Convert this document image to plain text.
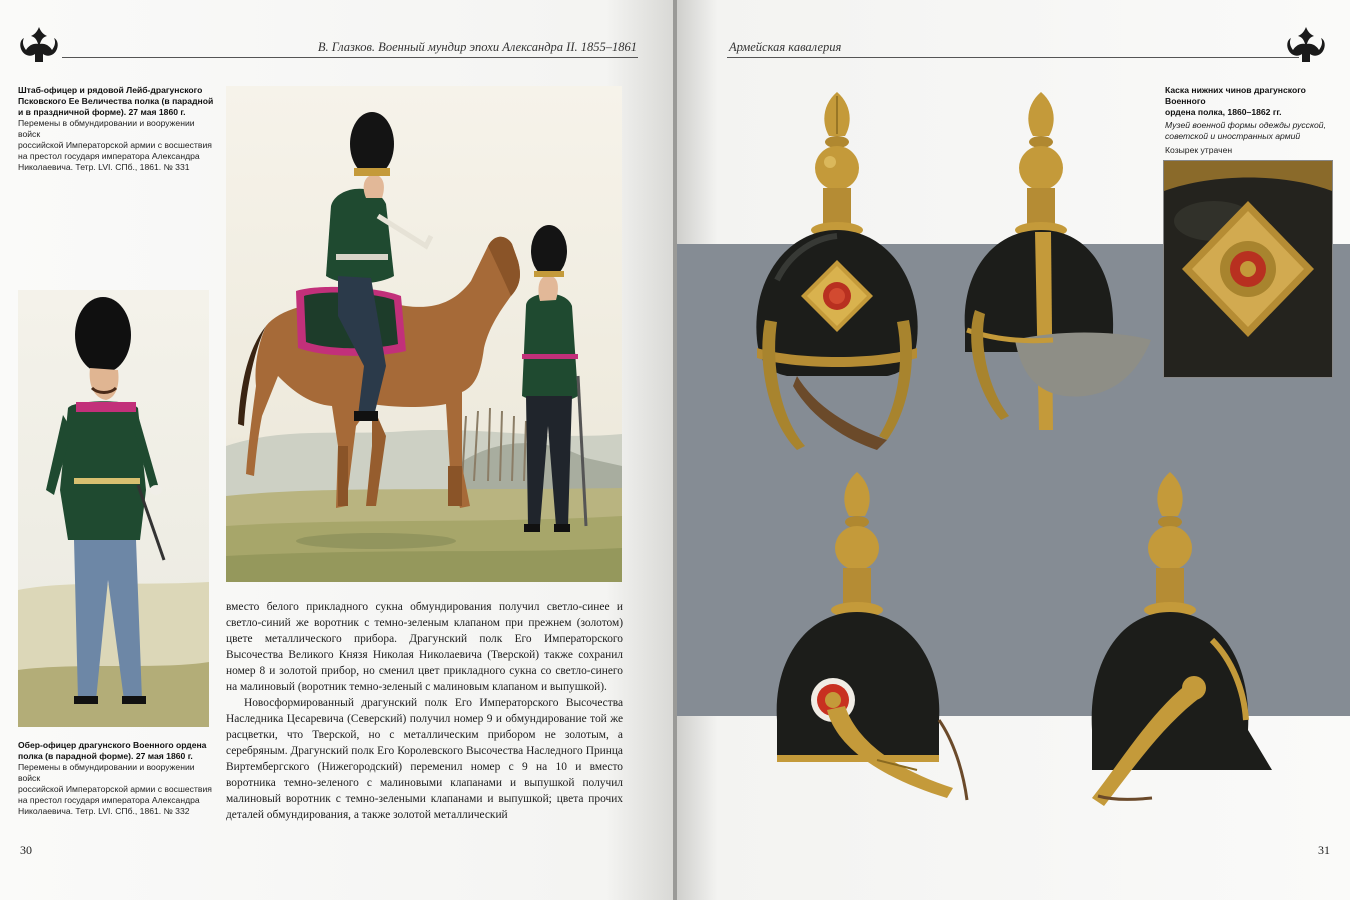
В. Глазков. Военный мундир эпохи Александра II. 1855–1861
Штаб-офицер и рядовой Лейб-драгунского
Псковского Ее Величества полка (в парадной
и в праздничной форме). 27 мая 1860 г.
Перемены в обмундировании и вооружении войск
российской Императорской армии с восшествия
на престол государя императора Александра
Николаевича. Тетр. LVI. СПб., 1861. № 331
Обер-офицер драгунского Военного ордена
полка (в парадной форме). 27 мая 1860 г.
Перемены в обмундировании и вооружении войск
российской Императорской армии с восшествия
на престол государя императора Александра
Николаевича. Тетр. LVI. СПб., 1861. № 332

вместо белого прикладного сукна обмундирования получил светло-синее и светло-синий же воротник с темно-зеленым клапаном при прежнем (золотом) цвете металлического прибора. Драгунский полк Его Императорского Высочества Великого Князя Николая Николаевича (Тверской) также сохранил номер 8 и золотой прибор, но сменил цвет прикладного сукна со светло-синего на малиновый (воротник темно-зеленый с малиновым клапаном и выпушкой).

Новосформированный драгунский полк Его Императорского Высочества Наследника Цесаревича (Северский) получил номер 9 и обмундирование той же расцветки, что Тверской, но с металлическим прибором не золотым, а серебряным. Драгунский полк Его Королевского Высочества Наследного Принца Виртембергского (Нижегородский) переменил номер с 9 на 10 и вместо воротника темно-зеленого с малиновыми клапанами и выпушкой получил малиновый воротник с темно-зелеными клапанами и выпушкой; цвета прочих деталей обмундирования, а также золотой металлический

30
Армейская кавалерия
Каска нижних чинов драгунского Военного
ордена полка, 1860–1862 гг.
Музей военной формы одежды русской,
советской и иностранных армий
Козырек утрачен
31
